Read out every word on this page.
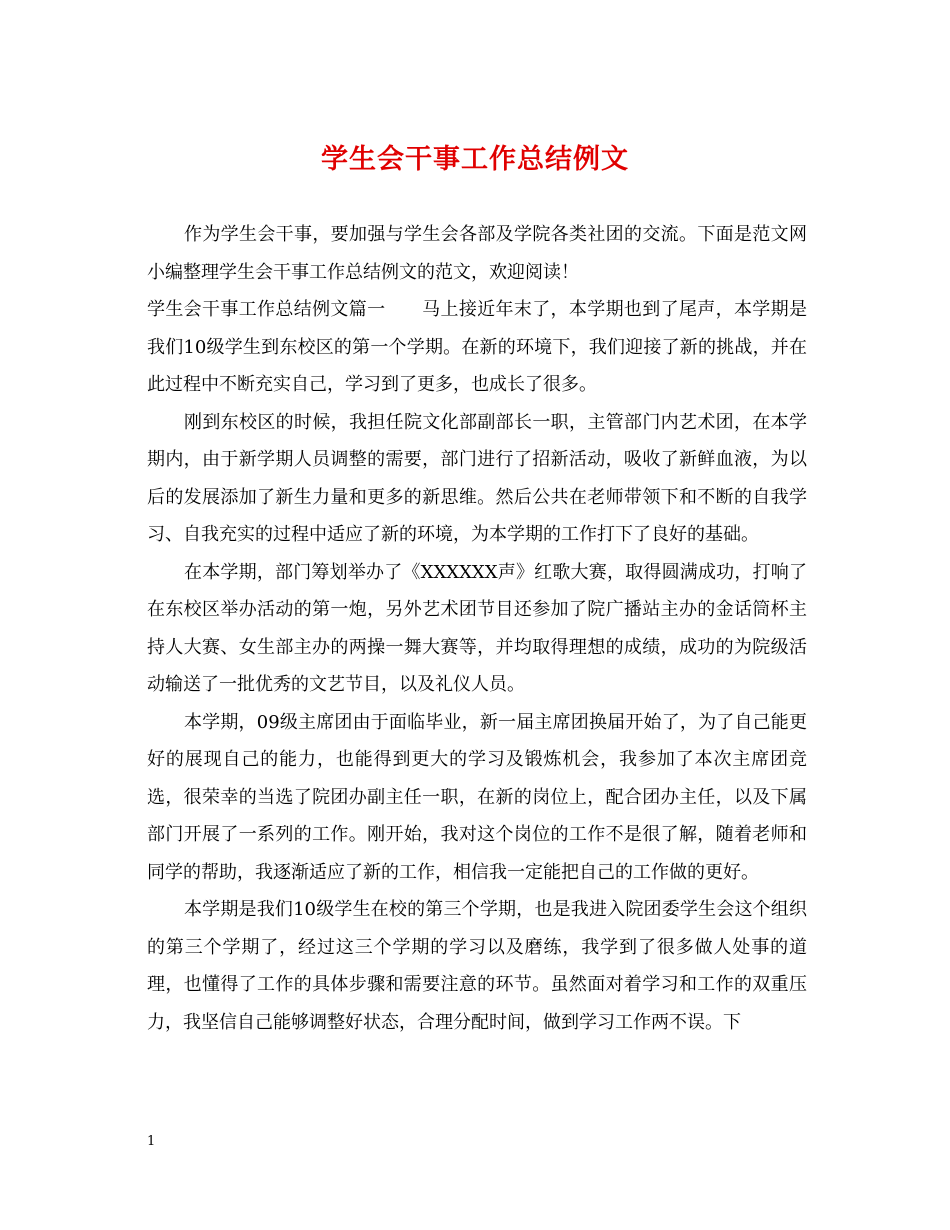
学生会干事工作总结例文

作为学生会干事，要加强与学生会各部及学院各类社团的交流。下面是范文网小编整理学生会干事工作总结例文的范文，欢迎阅读！

学生会干事工作总结例文篇一　　马上接近年末了，本学期也到了尾声，本学期是我们10级学生到东校区的第一个学期。在新的环境下，我们迎接了新的挑战，并在此过程中不断充实自己，学习到了更多，也成长了很多。

刚到东校区的时候，我担任院文化部副部长一职，主管部门内艺术团，在本学期内，由于新学期人员调整的需要，部门进行了招新活动，吸收了新鲜血液，为以后的发展添加了新生力量和更多的新思维。然后公共在老师带领下和不断的自我学习、自我充实的过程中适应了新的环境，为本学期的工作打下了良好的基础。

在本学期，部门筹划举办了《XXXXXX声》红歌大赛，取得圆满成功，打响了在东校区举办活动的第一炮，另外艺术团节目还参加了院广播站主办的金话筒杯主持人大赛、女生部主办的两操一舞大赛等，并均取得理想的成绩，成功的为院级活动输送了一批优秀的文艺节目，以及礼仪人员。

本学期，09级主席团由于面临毕业，新一届主席团换届开始了，为了自己能更好的展现自己的能力，也能得到更大的学习及锻炼机会，我参加了本次主席团竞选，很荣幸的当选了院团办副主任一职，在新的岗位上，配合团办主任，以及下属部门开展了一系列的工作。刚开始，我对这个岗位的工作不是很了解，随着老师和同学的帮助，我逐渐适应了新的工作，相信我一定能把自己的工作做的更好。

本学期是我们10级学生在校的第三个学期，也是我进入院团委学生会这个组织的第三个学期了，经过这三个学期的学习以及磨练，我学到了很多做人处事的道理，也懂得了工作的具体步骤和需要注意的环节。虽然面对着学习和工作的双重压力，我坚信自己能够调整好状态，合理分配时间，做到学习工作两不误。下

1
